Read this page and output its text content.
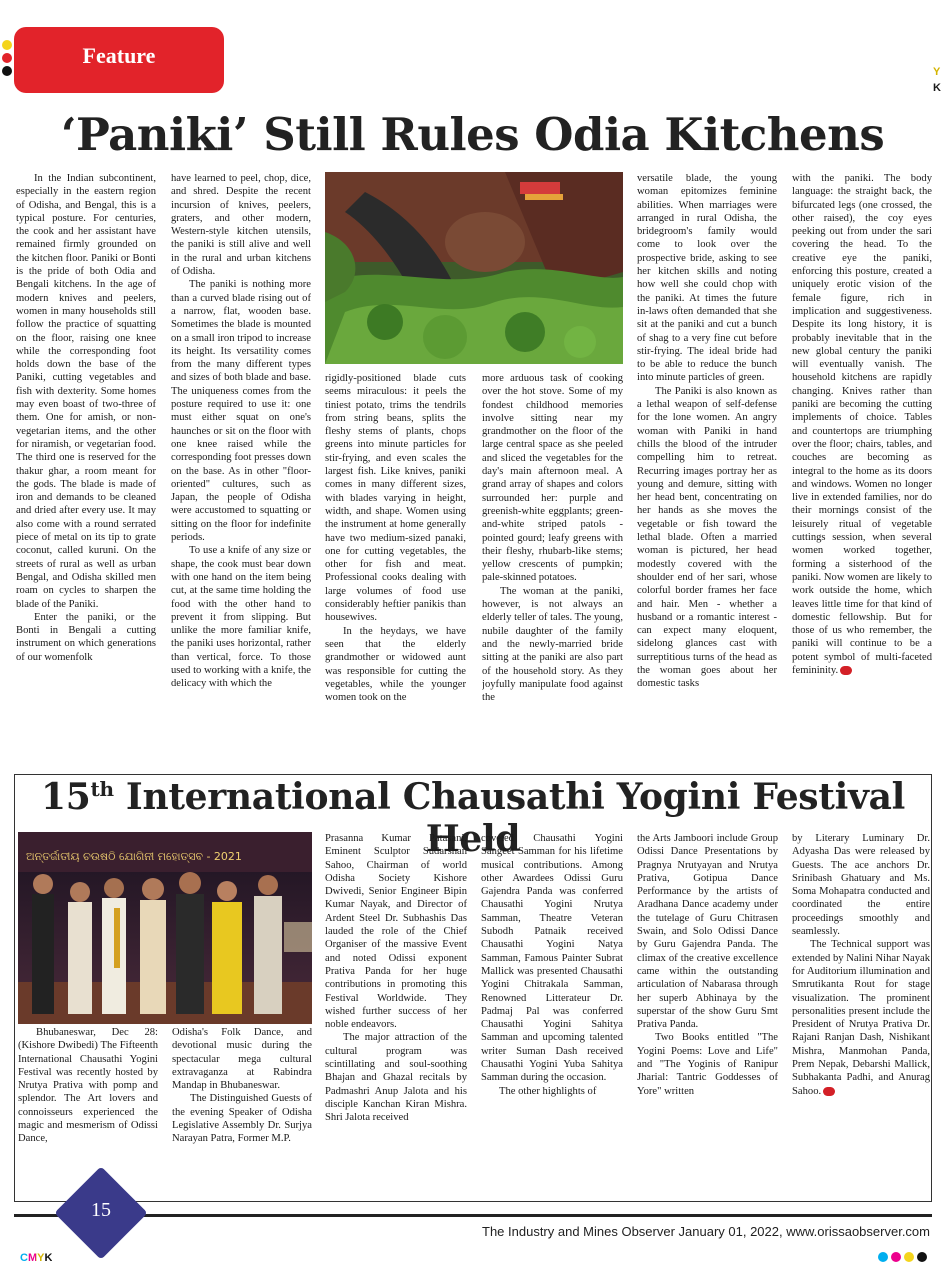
Y
K
Feature
‘Paniki’ Still Rules Odia Kitchens

In the Indian subcontinent, especially in the eastern region of Odisha, and Bengal, this is a typical posture. For centuries, the cook and her assistant have remained firmly grounded on the kitchen floor. Paniki or Bonti is the pride of both Odia and Bengali kitchens. In the age of modern knives and peelers, women in many households still follow the practice of squatting on the floor, raising one knee while the corresponding foot holds down the base of the Paniki, cutting vegetables and fish with dexterity. Some homes may even boast of two-three of them. One for amish, or non-vegetarian items, and the other for niramish, or vegetarian food. The third one is reserved for the thakur ghar, a room meant for the gods. The blade is made of iron and demands to be cleaned and dried after every use. It may also come with a round serrated piece of metal on its tip to grate coconut, called kuruni. On the streets of rural as well as urban Bengal, and Odisha skilled men roam on cycles to sharpen the blade of the Paniki.

Enter the paniki, or the Bonti in Bengali a cutting instrument on which generations of our womenfolk

have learned to peel, chop, dice, and shred. Despite the recent incursion of knives, peelers, graters, and other modern, Western-style kitchen utensils, the paniki is still alive and well in the rural and urban kitchens of Odisha.

The paniki is nothing more than a curved blade rising out of a narrow, flat, wooden base. Sometimes the blade is mounted on a small iron tripod to increase its height. Its versatility comes from the many different types and sizes of both blade and base. The uniqueness comes from the posture required to use it: one must either squat on one's haunches or sit on the floor with one knee raised while the corresponding foot presses down on the base. As in other "floor-oriented" cultures, such as Japan, the people of Odisha were accustomed to squatting or sitting on the floor for indefinite periods.

To use a knife of any size or shape, the cook must bear down with one hand on the item being cut, at the same time holding the food with the other hand to prevent it from slipping. But unlike the more familiar knife, the paniki uses horizontal, rather than vertical, force. To those used to working with a knife, the delicacy with which the

rigidly-positioned blade cuts seems miraculous: it peels the tiniest potato, trims the tendrils from string beans, splits the fleshy stems of plants, chops greens into minute particles for stir-frying, and even scales the largest fish. Like knives, paniki comes in many different sizes, with blades varying in height, width, and shape. Women using the instrument at home generally have two medium-sized panaki, one for cutting vegetables, the other for fish and meat. Professional cooks dealing with large volumes of food use considerably heftier panikis than housewives.

In the heydays, we have seen that the elderly grandmother or widowed aunt was responsible for cutting the vegetables, while the younger women took on the

more arduous task of cooking over the hot stove. Some of my fondest childhood memories involve sitting near my grandmother on the floor of the large central space as she peeled and sliced the vegetables for the day's main afternoon meal. A grand array of shapes and colors surrounded her: purple and greenish-white eggplants; green-and-white striped patols - pointed gourd; leafy greens with their fleshy, rhubarb-like stems; yellow crescents of pumpkin; pale-skinned potatoes.

The woman at the paniki, however, is not always an elderly teller of tales. The young, nubile daughter of the family and the newly-married bride sitting at the paniki are also part of the household story. As they joyfully manipulate food against the

versatile blade, the young woman epitomizes feminine abilities. When marriages were arranged in rural Odisha, the bridegroom's family would come to look over the prospective bride, asking to see her kitchen skills and noting how well she could chop with the paniki. At times the future in-laws often demanded that she sit at the paniki and cut a bunch of shag to a very fine cut before stir-frying. The ideal bride had to be able to reduce the bunch into minute particles of green.

The Paniki is also known as a lethal weapon of self-defense for the lone women. An angry woman with Paniki in hand chills the blood of the intruder compelling him to retreat. Recurring images portray her as young and demure, sitting with her head bent, concentrating on her hands as she moves the vegetable or fish toward the lethal blade. Often a married woman is pictured, her head modestly covered with the shoulder end of her sari, whose colorful border frames her face and hair. Men - whether a husband or a romantic interest - can expect many eloquent, sidelong glances cast with surreptitious turns of the head as the woman goes about her domestic tasks

with the paniki. The body language: the straight back, the bifurcated legs (one crossed, the other raised), the coy eyes peeking out from under the sari covering the head. To the creative eye the paniki, enforcing this posture, created a uniquely erotic vision of the female figure, rich in implication and suggestiveness. Despite its long history, it is probably inevitable that in the new global century the paniki will eventually vanish. The household kitchens are rapidly changing. Knives rather than paniki are becoming the cutting implements of choice. Tables and countertops are triumphing over the floor; chairs, tables, and couches are becoming as integral to the home as its doors and windows. Women no longer live in extended families, nor do their mornings consist of the leisurely ritual of vegetable cuttings session, when several women worked together, forming a sisterhood of the paniki. Now women are likely to work outside the home, which leaves little time for that kind of domestic fellowship. But for those of us who remember, the paniki will continue to be a potent symbol of multi-faceted femininity.

15th International Chausathi Yogini Festival Held
ଅନ୍ତର୍ଜାତୀୟ ଚଉଷଠି ଯୋଗିନୀ ମହୋତ୍ସବ - 2021

Bhubaneswar, Dec 28: (Kishore Dwibedi) The Fifteenth International Chausathi Yogini Festival was recently hosted by Nrutya Prativa with pomp and splendor. The Art lovers and connoisseurs experienced the magic and mesmerism of Odissi Dance,

Odisha's Folk Dance, and devotional music during the spectacular mega cultural extravaganza at Rabindra Mandap in Bhubaneswar.

The Distinguished Guests of the evening Speaker of Odisha Legislative Assembly Dr. Surjya Narayan Patra, Former M.P.

Prasanna Kumar Patasani, Eminent Sculptor Sudarshan Sahoo, Chairman of world Odisha Society Kishore Dwivedi, Senior Engineer Bipin Kumar Nayak, and Director of Ardent Steel Dr. Subhashis Das lauded the role of the Chief Organiser of the massive Event and noted Odissi exponent Prativa Panda for her huge contributions in promoting this Festival Worldwide. They wished further success of her noble endeavors.

The major attraction of the cultural program was scintillating and soul-soothing Bhajan and Ghazal recitals by Padmashri Anup Jalota and his disciple Kanchan Kiran Mishra. Shri Jalota received

coveted Chausathi Yogini Sangeet Samman for his lifetime musical contributions. Among other Awardees Odissi Guru Gajendra Panda was conferred Chausathi Yogini Nrutya Samman, Theatre Veteran Subodh Patnaik received Chausathi Yogini Natya Samman, Famous Painter Subrat Mallick was presented Chausathi Yogini Chitrakala Samman, Renowned Litterateur Dr. Padmaj Pal was conferred Chausathi Yogini Sahitya Samman and upcoming talented writer Suman Dash received Chausathi Yogini Yuba Sahitya Samman during the occasion.

The other highlights of

the Arts Jamboori include Group Odissi Dance Presentations by Pragnya Nrutyayan and Nrutya Prativa, Gotipua Dance Performance by the artists of Aradhana Dance academy under the tutelage of Guru Chitrasen Swain, and Solo Odissi Dance by Guru Gajendra Panda. The climax of the creative excellence came within the outstanding articulation of Nabarasa through her superb Abhinaya by the superstar of the show Guru Smt Prativa Panda.

Two Books entitled "The Yogini Poems: Love and Life" and "The Yoginis of Ranipur Jharial: Tantric Goddesses of Yore" written

by Literary Luminary Dr. Adyasha Das were released by Guests. The ace anchors Dr. Srinibash Ghatuary and Ms. Soma Mohapatra conducted and coordinated the entire proceedings smoothly and seamlessly.

The Technical support was extended by Nalini Nihar Nayak for Auditorium illumination and Smrutikanta Rout for stage visualization. The prominent personalities present include the President of Nrutya Prativa Dr. Rajani Ranjan Dash, Nishikant Mishra, Manmohan Panda, Prem Nepak, Debarshi Mallick, Subhakanta Padhi, and Anurag Sahoo.

15
The Industry and Mines Observer January 01, 2022, www.orissaobserver.com
CMYK
